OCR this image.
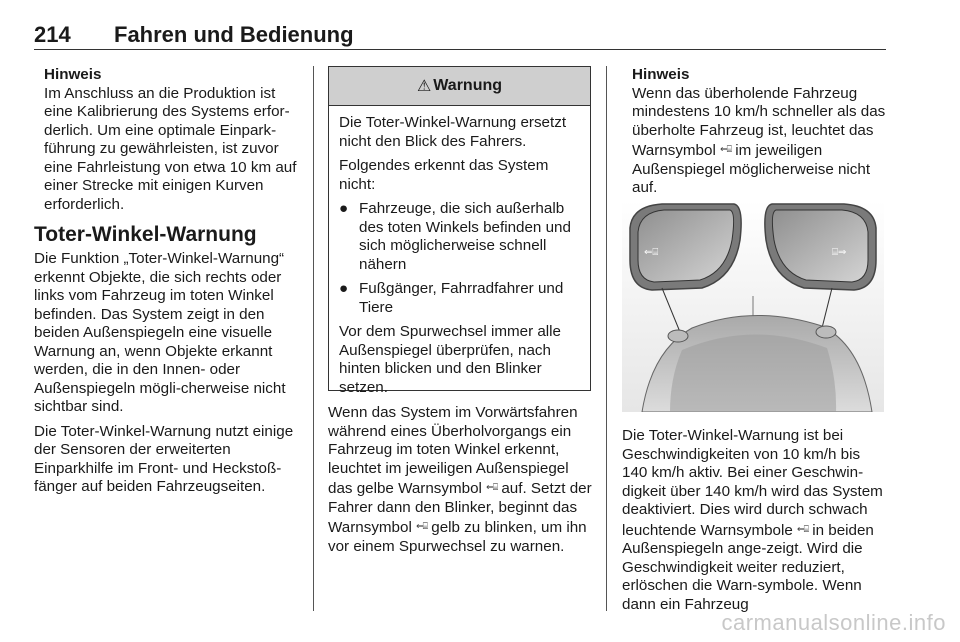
214 Fahren und Bedienung

Hinweis

Im Anschluss an die Produktion ist eine Kalibrierung des Systems erfor-derlich. Um eine optimale Einpark-führung zu gewährleisten, ist zuvor eine Fahrleistung von etwa 10 km auf einer Strecke mit einigen Kurven erforderlich.

Toter-Winkel-Warnung

Die Funktion „Toter-Winkel-Warnung“ erkennt Objekte, die sich rechts oder links vom Fahrzeug im toten Winkel befinden. Das System zeigt in den beiden Außenspiegeln eine visuelle Warnung an, wenn Objekte erkannt werden, die in den Innen- oder Außenspiegeln mögli-cherweise nicht sichtbar sind.

Die Toter-Winkel-Warnung nutzt einige der Sensoren der erweiterten Einparkhilfe im Front- und Heckstoß-fänger auf beiden Fahrzeugseiten.

⚠ Warnung

Die Toter-Winkel-Warnung ersetzt nicht den Blick des Fahrers.

Folgendes erkennt das System nicht:

● Fahrzeuge, die sich außerhalb des toten Winkels befinden und sich möglicherweise schnell nähern
● Fußgänger, Fahrradfahrer und Tiere

Vor dem Spurwechsel immer alle Außenspiegel überprüfen, nach hinten blicken und den Blinker setzen.

Wenn das System im Vorwärtsfahren während eines Überholvorgangs ein Fahrzeug im toten Winkel erkennt, leuchtet im jeweiligen Außenspiegel das gelbe Warnsymbol ⇐⌸ auf. Setzt der Fahrer dann den Blinker, beginnt das Warnsymbol ⇐⌸ gelb zu blinken, um ihn vor einem Spurwechsel zu warnen.

Hinweis

Wenn das überholende Fahrzeug mindestens 10 km/h schneller als das überholte Fahrzeug ist, leuchtet das Warnsymbol ⇐⌸ im jeweiligen Außenspiegel möglicherweise nicht auf.

⇐⌸	⌸⇒

Die Toter-Winkel-Warnung ist bei Geschwindigkeiten von 10 km/h bis 140 km/h aktiv. Bei einer Geschwin-digkeit über 140 km/h wird das System deaktiviert. Dies wird durch schwach leuchtende Warnsymbole ⇐⌸ in beiden Außenspiegeln ange-zeigt. Wird die Geschwindigkeit weiter reduziert, erlöschen die Warn-symbole. Wenn dann ein Fahrzeug

carmanualsonline.info
